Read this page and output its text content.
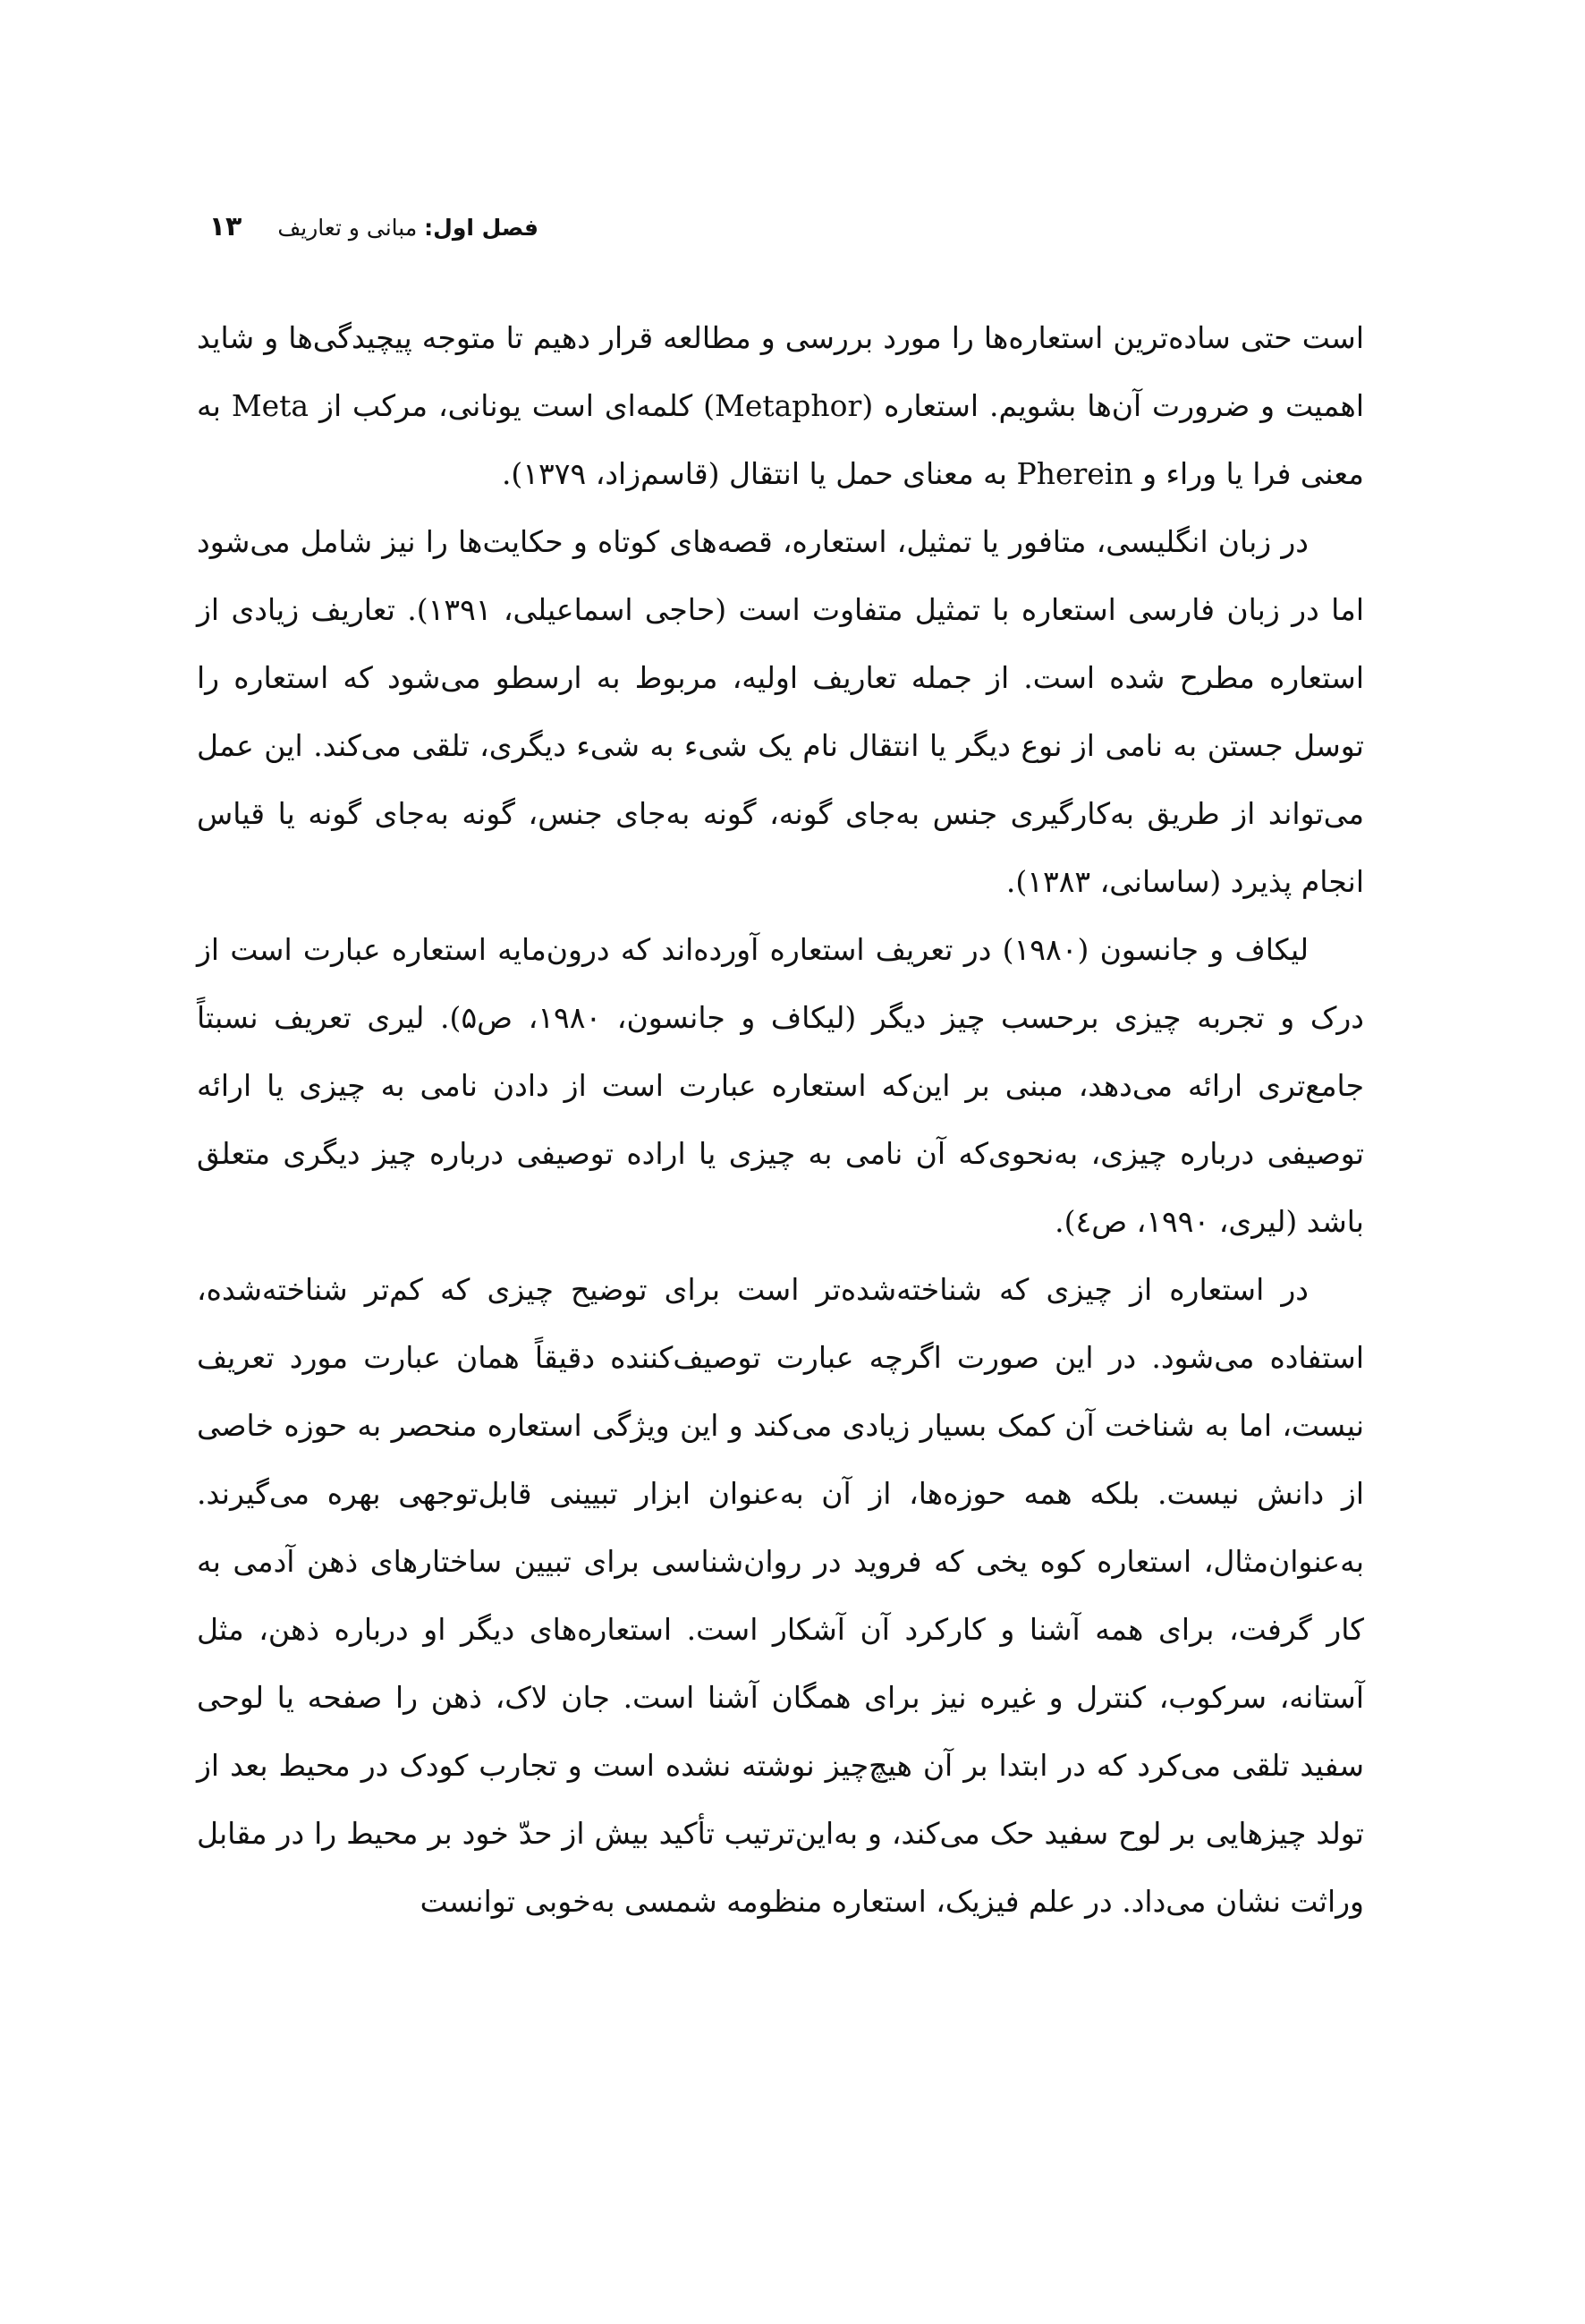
فصل اول: مبانی و تعاریف
۱۳

است حتی ساده‌ترین استعاره‌ها را مورد بررسی و مطالعه قرار دهیم تا متوجه پیچیدگی‌ها و شاید اهمیت و ضرورت آن‌ها بشویم. استعاره (Metaphor) کلمه‌ای است یونانی، مرکب از Meta به معنی فرا یا وراء و Pherein به معنای حمل یا انتقال (قاسم‌زاد، ۱۳۷۹).

در زبان انگلیسی، متافور یا تمثیل، استعاره، قصه‌های کوتاه و حکایت‌ها را نیز شامل می‌شود اما در زبان فارسی استعاره با تمثیل متفاوت است (حاجی اسماعیلی، ۱۳۹۱). تعاریف زیادی از استعاره مطرح شده است. از جمله تعاریف اولیه، مربوط به ارسطو می‌شود که استعاره را توسل جستن به نامی از نوع دیگر یا انتقال نام یک شیء به شیء دیگری، تلقی می‌کند. این عمل می‌تواند از طریق به‌کارگیری جنس به‌جای گونه، گونه به‌جای جنس، گونه به‌جای گونه یا قیاس انجام پذیرد (ساسانی، ۱۳۸۳).

لیکاف و جانسون (۱۹۸۰) در تعریف استعاره آورده‌اند که درون‌مایه استعاره عبارت است از درک و تجربه چیزی برحسب چیز دیگر (لیکاف و جانسون، ۱۹۸۰، ص۵). لیری تعریف نسبتاً جامع‌تری ارائه می‌دهد، مبنی بر این‌که استعاره عبارت است از دادن نامی به چیزی یا ارائه توصیفی درباره چیزی، به‌نحوی‌که آن نامی به چیزی یا اراده توصیفی درباره چیز دیگری متعلق باشد (لیری، ۱۹۹۰، ص٤).

در استعاره از چیزی که شناخته‌شده‌تر است برای توضیح چیزی که کم‌تر شناخته‌شده، استفاده می‌شود. در این صورت اگرچه عبارت توصیف‌کننده دقیقاً همان عبارت مورد تعریف نیست، اما به شناخت آن کمک بسیار زیادی می‌کند و این ویژگی استعاره منحصر به حوزه خاصی از دانش نیست. بلکه همه حوزه‌ها، از آن به‌عنوان ابزار تبیینی قابل‌توجهی بهره می‌گیرند. به‌عنوان‌مثال، استعاره کوه یخی که فروید در روان‌شناسی برای تبیین ساختارهای ذهن آدمی به کار گرفت، برای همه آشنا و کارکرد آن آشکار است. استعاره‌های دیگر او درباره ذهن، مثل آستانه، سرکوب، کنترل و غیره نیز برای همگان آشنا است. جان لاک، ذهن را صفحه یا لوحی سفید تلقی می‌کرد که در ابتدا بر آن هیچ‌چیز نوشته نشده است و تجارب کودک در محیط بعد از تولد چیزهایی بر لوح سفید حک می‌کند، و به‌این‌ترتیب تأکید بیش از حدّ خود بر محیط را در مقابل وراثت نشان می‌داد. در علم فیزیک، استعاره منظومه شمسی به‌خوبی توانست
